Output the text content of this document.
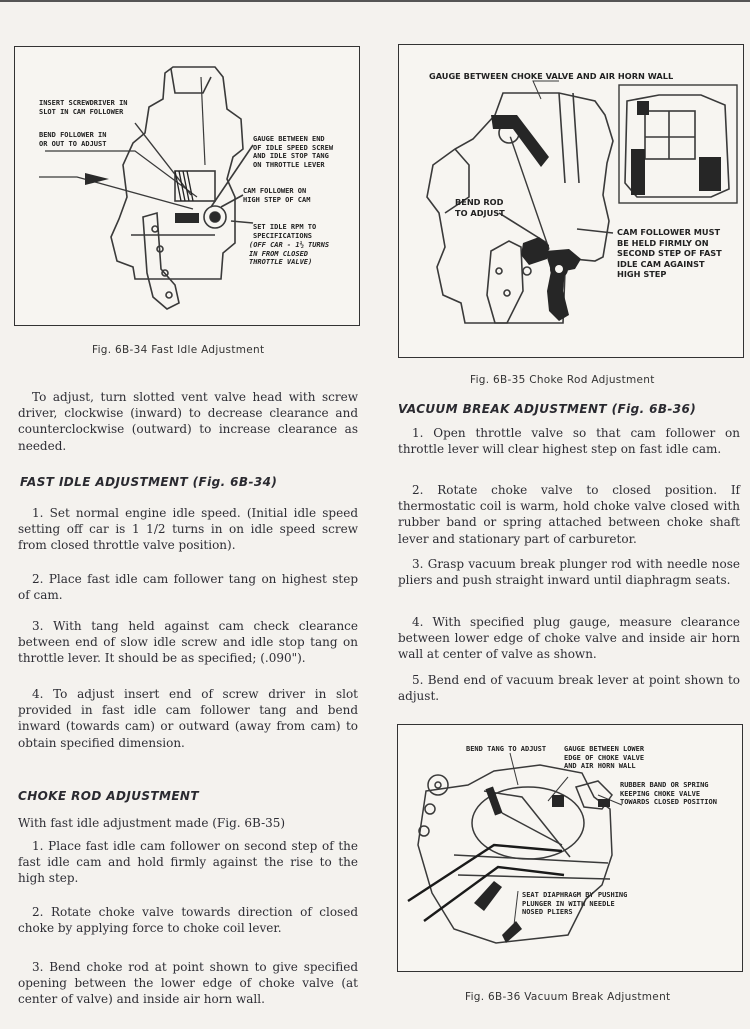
INSERT SCREWDRIVER IN
SLOT IN CAM FOLLOWER
BEND FOLLOWER IN
OR OUT TO ADJUST
GAUGE BETWEEN END
OF IDLE SPEED SCREW
AND IDLE STOP TANG
ON THROTTLE LEVER
CAM FOLLOWER ON
HIGH STEP OF CAM
SET IDLE RPM TO
SPECIFICATIONS
(OFF CAR - 1½ TURNS
IN FROM CLOSED
THROTTLE VALVE)
Fig. 6B-34 Fast Idle Adjustment
GAUGE BETWEEN CHOKE VALVE AND AIR HORN WALL
BEND ROD
TO ADJUST
CAM FOLLOWER MUST
BE HELD FIRMLY ON
SECOND STEP OF FAST
IDLE CAM AGAINST
HIGH STEP
Fig. 6B-35 Choke Rod Adjustment
To adjust, turn slotted vent valve head with screw driver, clockwise (inward) to decrease clearance and counterclockwise (outward) to increase clearance as needed.
FAST IDLE ADJUSTMENT (Fig. 6B-34)
1. Set normal engine idle speed. (Initial idle speed setting off car is 1 1/2 turns in on idle speed screw from closed throttle valve position).
2. Place fast idle cam follower tang on highest step of cam.
3. With tang held against cam check clearance between end of slow idle screw and idle stop tang on throttle lever. It should be as specified; (.090").
4. To adjust insert end of screw driver in slot provided in fast idle cam follower tang and bend inward (towards cam) or outward (away from cam) to obtain specified dimension.
CHOKE ROD ADJUSTMENT
With fast idle adjustment made (Fig. 6B-35)
1. Place fast idle cam follower on second step of the fast idle cam and hold firmly against the rise to the high step.
2. Rotate choke valve towards direction of closed choke by applying force to choke coil lever.
3. Bend choke rod at point shown to give specified opening between the lower edge of choke valve (at center of valve) and inside air horn wall.
VACUUM BREAK ADJUSTMENT (Fig. 6B-36)
1. Open throttle valve so that cam follower on throttle lever will clear highest step on fast idle cam.
2. Rotate choke valve to closed position. If thermostatic coil is warm, hold choke valve closed with rubber band or spring attached between choke shaft lever and stationary part of carburetor.
3. Grasp vacuum break plunger rod with needle nose pliers and push straight inward until diaphragm seats.
4. With specified plug gauge, measure clearance between lower edge of choke valve and inside air horn wall at center of valve as shown.
5. Bend end of vacuum break lever at point shown to adjust.
BEND TANG TO ADJUST	GAUGE BETWEEN LOWER
EDGE OF CHOKE VALVE
AND AIR HORN WALL
RUBBER BAND OR SPRING
KEEPING CHOKE VALVE
TOWARDS CLOSED POSITION
SEAT DIAPHRAGM BY PUSHING
PLUNGER IN WITH NEEDLE
NOSED PLIERS
Fig. 6B-36 Vacuum Break Adjustment
